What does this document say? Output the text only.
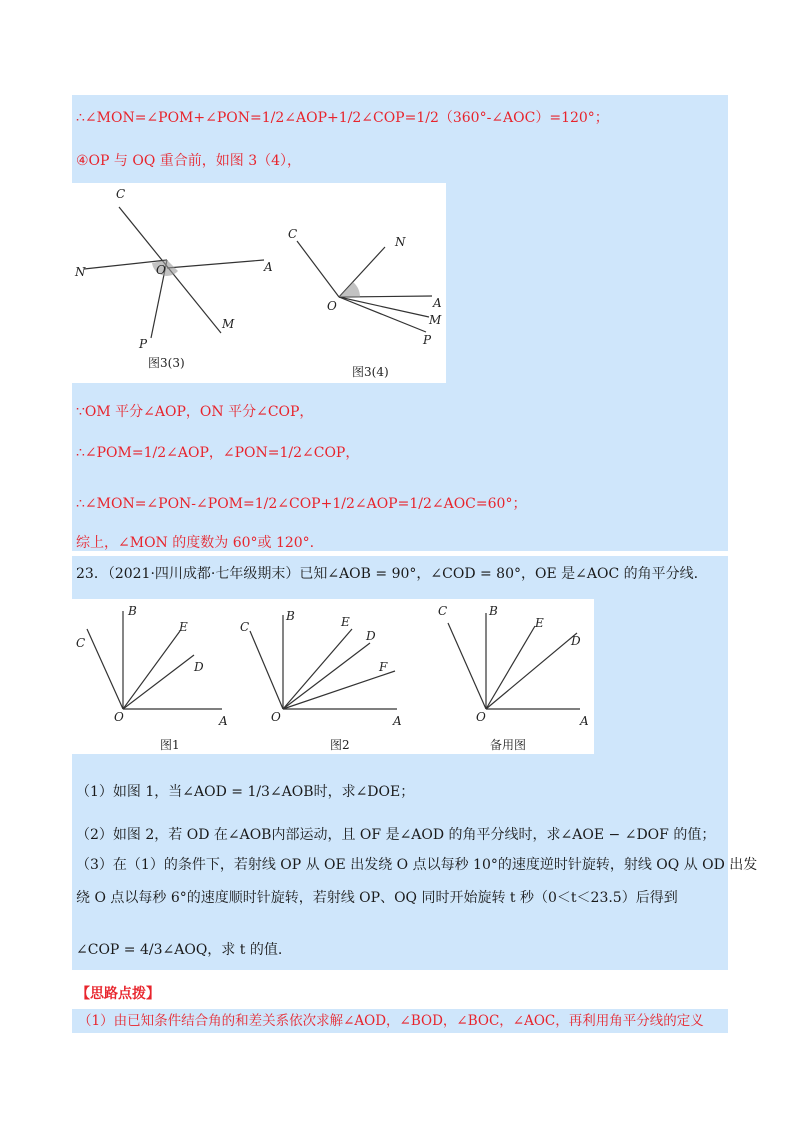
∴∠MON=∠POM+∠PON=1/2∠AOP+1/2∠COP=1/2（360°-∠AOC）=120°；
④OP 与 OQ 重合前，如图 3（4），
C
N	O	A
M
P
图3(3)
C
N
O	A
M
P
图3(4)
∵OM 平分∠AOP，ON 平分∠COP，
∴∠POM=1/2∠AOP，∠PON=1/2∠COP，
∴∠MON=∠PON-∠POM=1/2∠COP+1/2∠AOP=1/2∠AOC=60°；
综上，∠MON 的度数为 60°或 120°.
23．（2021·四川成都·七年级期末）已知∠AOB = 90°，∠COD = 80°，OE 是∠AOC 的角平分线.
C
B
E
D
O	A
图1
C
B	E
D
F
O	A
图2
C	B
E
D
O	A
备用图
（1）如图 1，当∠AOD = 1/3∠AOB时，求∠DOE；
（2）如图 2，若 OD 在∠AOB内部运动，且 OF 是∠AOD 的角平分线时，求∠AOE − ∠DOF 的值；
（3）在（1）的条件下，若射线 OP 从 OE 出发绕 O 点以每秒 10°的速度逆时针旋转，射线 OQ 从 OD 出发
绕 O 点以每秒 6°的速度顺时针旋转，若射线 OP、OQ 同时开始旋转 t 秒（0＜t＜23.5）后得到
∠COP = 4/3∠AOQ，求 t 的值.
【思路点拨】
（1）由已知条件结合角的和差关系依次求解∠AOD，∠BOD，∠BOC，∠AOC，再利用角平分线的定义
